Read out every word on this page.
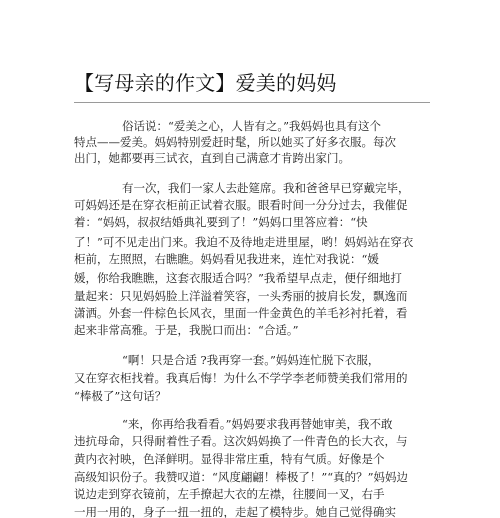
【写母亲的作文】爱美的妈妈
俗话说：“爱美之心，人皆有之。”我妈妈也具有这个
特点——爱美。妈妈特别爱赶时髦，所以她买了好多衣服。每次
出门，她都要再三试衣，直到自己满意才肯跨出家门。
有一次，我们一家人去赴筵席。我和爸爸早已穿戴完毕，
可妈妈还是在穿衣柜前正试着衣服。眼看时间一分分过去，我催促
着：“妈妈，叔叔结婚典礼要到了！”妈妈口里答应着：“快
了！”可不见走出门来。我迫不及待地走进里屋，哟！妈妈站在穿衣
柜前，左照照，右瞧瞧。妈妈看见我进来，连忙对我说：“媛
媛，你给我瞧瞧，这套衣服适合吗？”我希望早点走，便仔细地打
量起来：只见妈妈脸上洋溢着笑容，一头秀丽的披肩长发，飘逸而
潇洒。外套一件棕色长风衣，里面一件金黄色的羊毛衫衬托着，看
起来非常高雅。于是，我脱口而出：“合适。”
“啊！只是合适 ?我再穿一套。”妈妈连忙脱下衣服，
又在穿衣柜找着。我真后悔！为什么不学学李老师赞美我们常用的
“棒极了”这句话？
“来，你再给我看看。”妈妈要求我再替她审美，我不敢
违抗母命，只得耐着性子看。这次妈妈换了一件青色的长大衣，与
黄内衣衬映，色泽鲜明。显得非常庄重，特有气质。好像是个
高级知识份子。我赞叹道：“风度翩翩！棒极了！”“真的？”妈妈边
说边走到穿衣镜前，左手撩起大衣的左襟，往腰间一叉，右手
一用一用的，身子一扭一扭的，走起了模特步。她自己觉得确实
